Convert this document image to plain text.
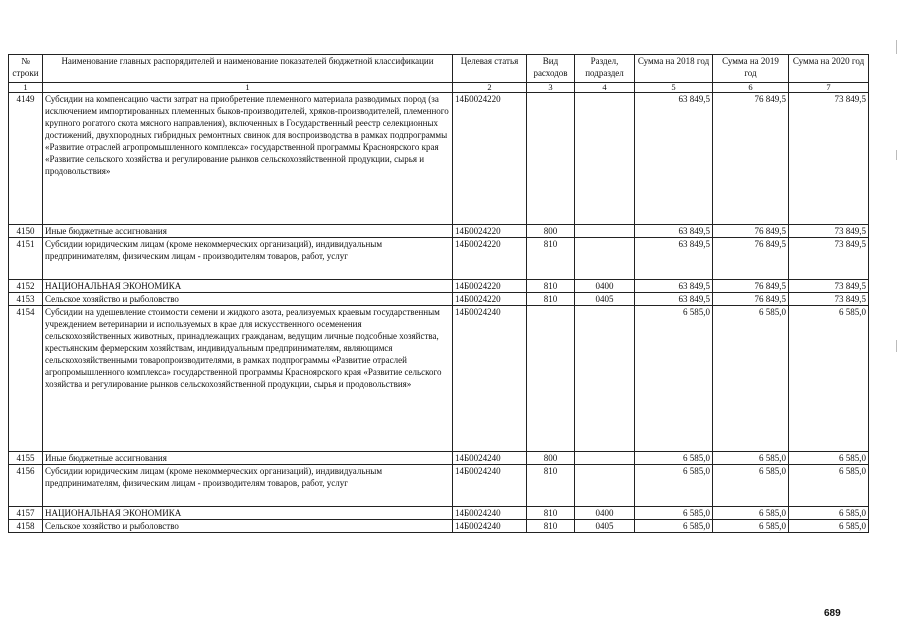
№ строки	Наименование главных распорядителей и наименование показателей бюджетной классификации	Целевая статья	Вид расходов	Раздел, подраздел	Сумма на 2018 год	Сумма на 2019 год	Сумма на 2020 год
1	1	2	3	4	5	6	7
4149	Субсидии на компенсацию части затрат на приобретение племенного материала разводимых пород (за исключением импортированных племенных быков-производителей, хряков-производителей, племенного крупного рогатого скота мясного направления), включенных в Государственный реестр селекционных достижений, двухпородных гибридных ремонтных свинок для воспроизводства в рамках подпрограммы «Развитие отраслей агропромышленного комплекса» государственной программы Красноярского края «Развитие сельского хозяйства и регулирование рынков сельскохозяйственной продукции, сырья и продовольствия»	14Б0024220			63 849,5	76 849,5	73 849,5
4150	Иные бюджетные ассигнования	14Б0024220	800		63 849,5	76 849,5	73 849,5
4151	Субсидии юридическим лицам (кроме некоммерческих организаций), индивидуальным предпринимателям, физическим лицам - производителям товаров, работ, услуг	14Б0024220	810		63 849,5	76 849,5	73 849,5
4152	НАЦИОНАЛЬНАЯ ЭКОНОМИКА	14Б0024220	810	0400	63 849,5	76 849,5	73 849,5
4153	Сельское хозяйство и рыболовство	14Б0024220	810	0405	63 849,5	76 849,5	73 849,5
4154	Субсидии на удешевление стоимости семени и жидкого азота, реализуемых краевым государственным учреждением ветеринарии и используемых в крае для искусственного осеменения сельскохозяйственных животных, принадлежащих гражданам, ведущим личные подсобные хозяйства, крестьянским фермерским хозяйствам, индивидуальным предпринимателям, являющимся сельскохозяйственными товаропроизводителями, в рамках подпрограммы «Развитие отраслей агропромышленного комплекса» государственной программы Красноярского края «Развитие сельского хозяйства и регулирование рынков сельскохозяйственной продукции, сырья и продовольствия»	14Б0024240			6 585,0	6 585,0	6 585,0
4155	Иные бюджетные ассигнования	14Б0024240	800		6 585,0	6 585,0	6 585,0
4156	Субсидии юридическим лицам (кроме некоммерческих организаций), индивидуальным предпринимателям, физическим лицам - производителям товаров, работ, услуг	14Б0024240	810		6 585,0	6 585,0	6 585,0
4157	НАЦИОНАЛЬНАЯ ЭКОНОМИКА	14Б0024240	810	0400	6 585,0	6 585,0	6 585,0
4158	Сельское хозяйство и рыболовство	14Б0024240	810	0405	6 585,0	6 585,0	6 585,0
689
